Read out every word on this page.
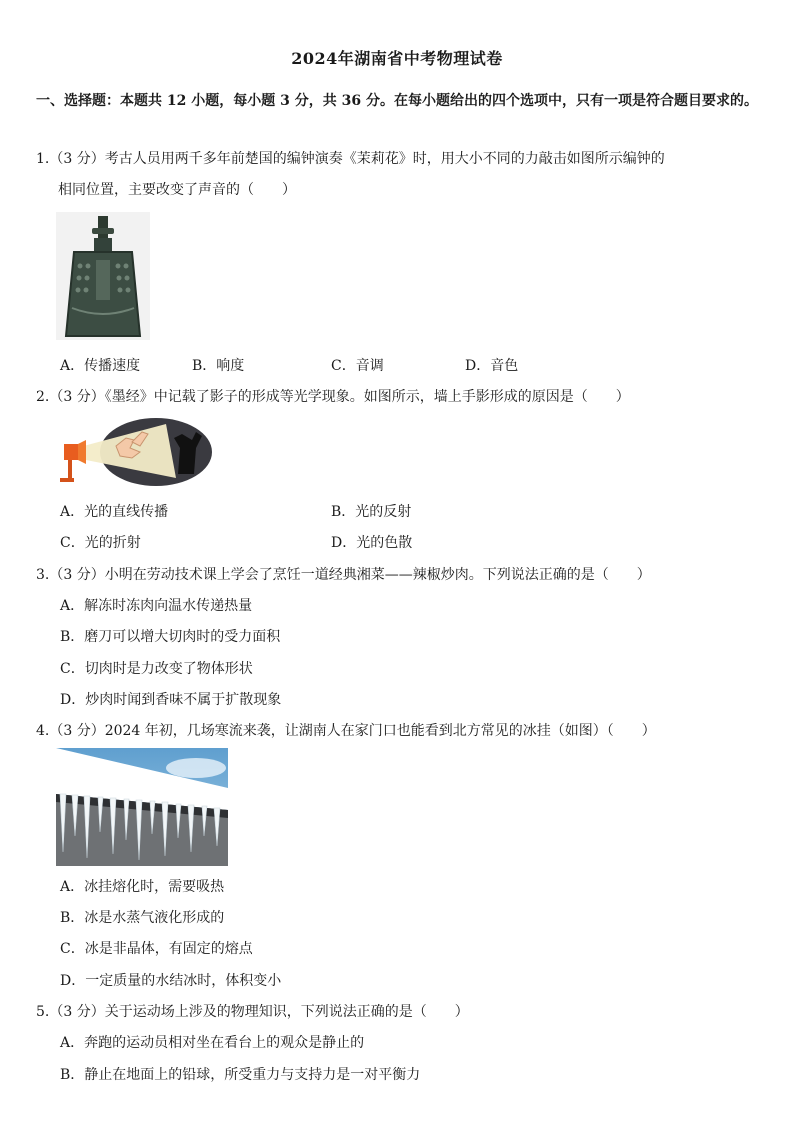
2024年湖南省中考物理试卷
一、选择题：本题共 12 小题，每小题 3 分，共 36 分。在每小题给出的四个选项中，只有一项是符合题目要求的。
1.（3 分）考古人员用两千多年前楚国的编钟演奏《茉莉花》时，用大小不同的力敲击如图所示编钟的
相同位置，主要改变了声音的（　　）
A．传播速度	B．响度	C．音调	D．音色
2.（3 分）《墨经》中记载了影子的形成等光学现象。如图所示，墙上手影形成的原因是（　　）
A．光的直线传播	B．光的反射
C．光的折射	D．光的色散
3.（3 分）小明在劳动技术课上学会了烹饪一道经典湘菜——辣椒炒肉。下列说法正确的是（　　）
A．解冻时冻肉向温水传递热量
B．磨刀可以增大切肉时的受力面积
C．切肉时是力改变了物体形状
D．炒肉时闻到香味不属于扩散现象
4.（3 分）2024 年初，几场寒流来袭，让湖南人在家门口也能看到北方常见的冰挂（如图）（　　）
A．冰挂熔化时，需要吸热
B．冰是水蒸气液化形成的
C．冰是非晶体，有固定的熔点
D．一定质量的水结冰时，体积变小
5.（3 分）关于运动场上涉及的物理知识，下列说法正确的是（　　）
A．奔跑的运动员相对坐在看台上的观众是静止的
B．静止在地面上的铅球，所受重力与支持力是一对平衡力
